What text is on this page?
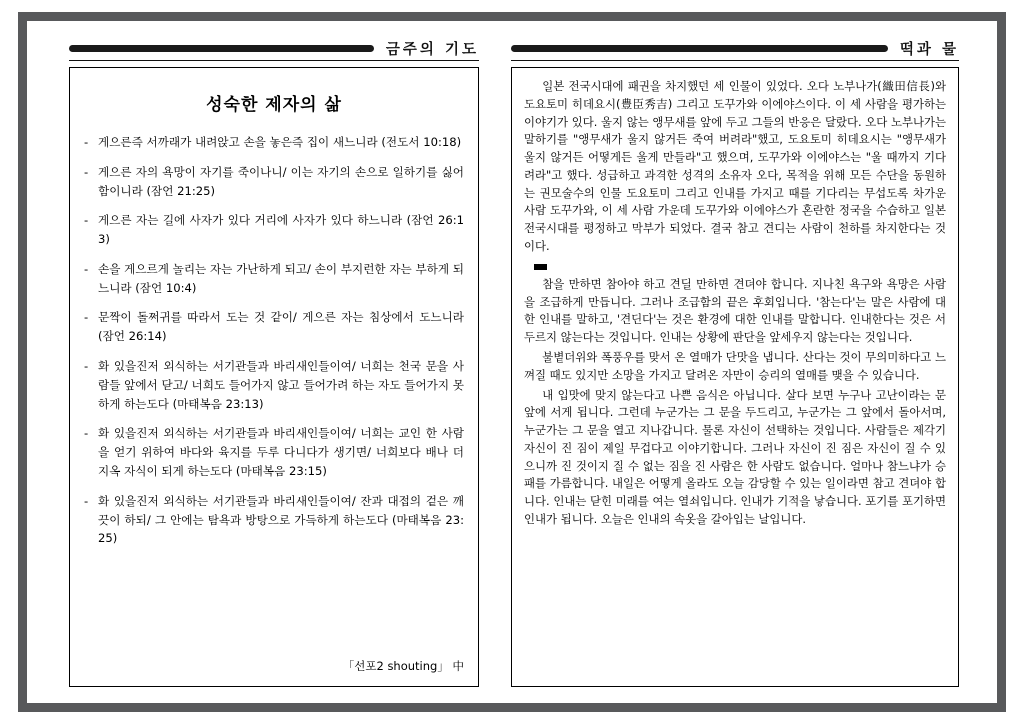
금주의 기도
성숙한 제자의 삶
- 게으른즉 서까래가 내려앉고 손을 놓은즉 집이 새느니라 (전도서 10:18)
- 게으른 자의 욕망이 자기를 죽이나니/ 이는 자기의 손으로 일하기를 싫어함이니라 (잠언 21:25)
- 게으른 자는 길에 사자가 있다 거리에 사자가 있다 하느니라 (잠언 26:13)
- 손을 게으르게 놀리는 자는 가난하게 되고/ 손이 부지런한 자는 부하게 되느니라 (잠언 10:4)
- 문짝이 돌쩌귀를 따라서 도는 것 같이/ 게으른 자는 침상에서 도느니라 (잠언 26:14)
- 화 있을진저 외식하는 서기관들과 바리새인들이여/ 너희는 천국 문을 사람들 앞에서 닫고/ 너희도 들어가지 않고 들어가려 하는 자도 들어가지 못하게 하는도다 (마태복음 23:13)
- 화 있을진저 외식하는 서기관들과 바리새인들이여/ 너희는 교인 한 사람을 얻기 위하여 바다와 육지를 두루 다니다가 생기면/ 너희보다 배나 더 지옥 자식이 되게 하는도다 (마태복음 23:15)
- 화 있을진저 외식하는 서기관들과 바리새인들이여/ 잔과 대접의 겉은 깨끗이 하되/ 그 안에는 탐욕과 방탕으로 가득하게 하는도다 (마태복음 23:25)
「선포2 shouting」 中
떡과 물

일본 전국시대에 패권을 차지했던 세 인물이 있었다. 오다 노부나가(織田信長)와 도요토미 히데요시(豊臣秀吉) 그리고 도꾸가와 이에야스이다. 이 세 사람을 평가하는 이야기가 있다. 울지 않는 앵무새를 앞에 두고 그들의 반응은 달랐다. 오다 노부나가는 말하기를 "앵무새가 울지 않거든 죽여 버려라"했고, 도요토미 히데요시는 "앵무새가 울지 않거든 어떻게든 울게 만들라"고 했으며, 도꾸가와 이에야스는 "울 때까지 기다려라"고 했다. 성급하고 과격한 성격의 소유자 오다, 목적을 위해 모든 수단을 동원하는 권모술수의 인물 도요토미 그리고 인내를 가지고 때를 기다리는 무섭도록 차가운 사람 도꾸가와, 이 세 사람 가운데 도꾸가와 이에야스가 혼란한 정국을 수습하고 일본 전국시대를 평정하고 막부가 되었다. 결국 참고 견디는 사람이 천하를 차지한다는 것이다.

참을 만하면 참아야 하고 견딜 만하면 견뎌야 합니다. 지나친 욕구와 욕망은 사람을 조급하게 만듭니다. 그러나 조급함의 끝은 후회입니다. '참는다'는 말은 사람에 대한 인내를 말하고, '견딘다'는 것은 환경에 대한 인내를 말합니다. 인내한다는 것은 서두르지 않는다는 것입니다. 인내는 상황에 판단을 앞세우지 않는다는 것입니다.

불볕더위와 폭풍우를 맞서 온 열매가 단맛을 냅니다. 산다는 것이 무의미하다고 느껴질 때도 있지만 소망을 가지고 달려온 자만이 승리의 열매를 맺을 수 있습니다.

내 입맛에 맞지 않는다고 나쁜 음식은 아닙니다. 살다 보면 누구나 고난이라는 문 앞에 서게 됩니다. 그런데 누군가는 그 문을 두드리고, 누군가는 그 앞에서 돌아서며, 누군가는 그 문을 열고 지나갑니다. 물론 자신이 선택하는 것입니다. 사람들은 제각기 자신이 진 짐이 제일 무겁다고 이야기합니다. 그러나 자신이 진 짐은 자신이 질 수 있으니까 진 것이지 질 수 없는 짐을 진 사람은 한 사람도 없습니다. 얼마나 참느냐가 승패를 가름합니다. 내일은 어떻게 올라도 오늘 감당할 수 있는 일이라면 참고 견뎌야 합니다. 인내는 닫힌 미래를 여는 열쇠입니다. 인내가 기적을 낳습니다. 포기를 포기하면 인내가 됩니다. 오늘은 인내의 속옷을 갈아입는 날입니다.
